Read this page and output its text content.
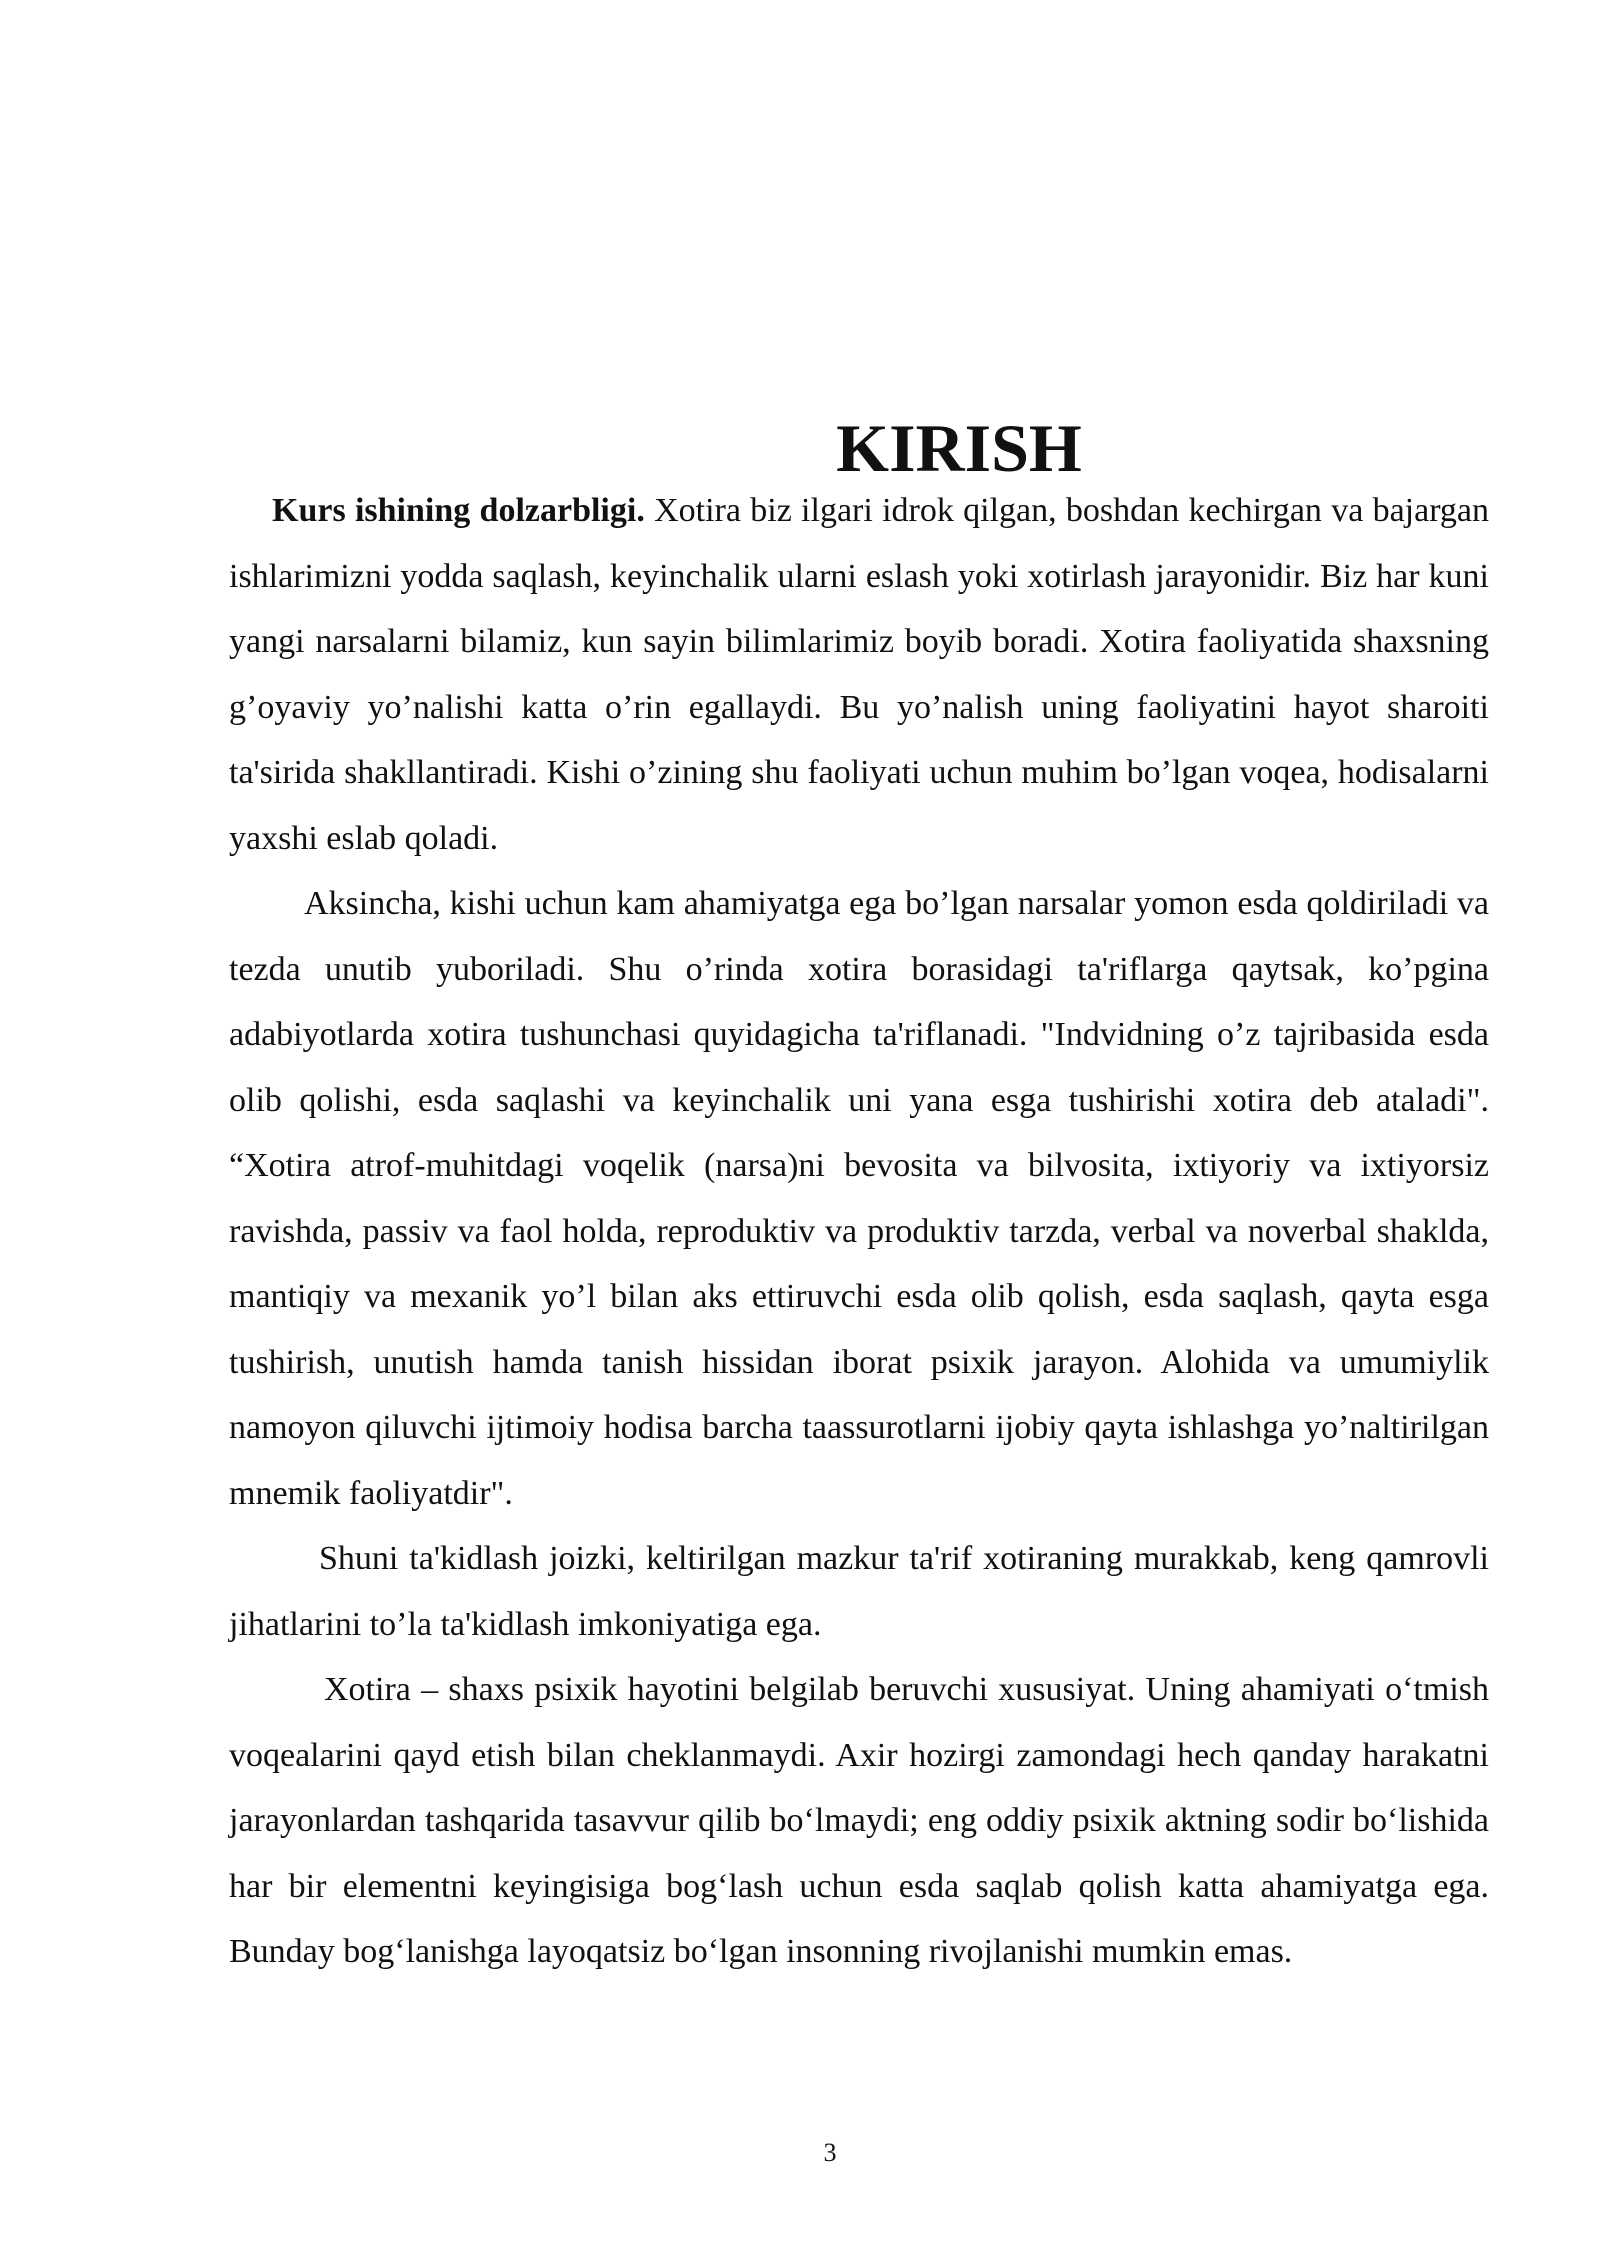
KIRISH

Kurs ishining dolzarbligi. Xotira biz ilgari idrok qilgan, boshdan kechirgan va bajargan ishlarimizni yodda saqlash, keyinchalik ularni eslash yoki xotirlash jarayonidir. Biz har kuni yangi narsalarni bilamiz, kun sayin bilimlarimiz boyib boradi. Xotira faoliyatida shaxsning g’oyaviy yo’nalishi katta o’rin egallaydi. Bu yo’nalish uning faoliyatini hayot sharoiti ta'sirida shakllantiradi. Kishi o’zining shu faoliyati uchun muhim bo’lgan voqea, hodisalarni yaxshi eslab qoladi.

Aksincha, kishi uchun kam ahamiyatga ega bo’lgan narsalar yomon esda qoldiriladi va tezda unutib yuboriladi. Shu o’rinda xotira borasidagi ta'riflarga qaytsak, ko’pgina adabiyotlarda xotira tushunchasi quyidagicha ta'riflanadi. "Indvidning o’z tajribasida esda olib qolishi, esda saqlashi va keyinchalik uni yana esga tushirishi xotira deb ataladi". “Xotira atrof-muhitdagi voqelik (narsa)ni bevosita va bilvosita, ixtiyoriy va ixtiyorsiz ravishda, passiv va faol holda, reproduktiv va produktiv tarzda, verbal va noverbal shaklda, mantiqiy va mexanik yo’l bilan aks ettiruvchi esda olib qolish, esda saqlash, qayta esga tushirish, unutish hamda tanish hissidan iborat psixik jarayon. Alohida va umumiylik namoyon qiluvchi ijtimoiy hodisa barcha taassurotlarni ijobiy qayta ishlashga yo’naltirilgan mnemik faoliyatdir".

Shuni ta'kidlash joizki, keltirilgan mazkur ta'rif xotiraning murakkab, keng qamrovli jihatlarini to’la ta'kidlash imkoniyatiga ega.

Xotira – shaxs psixik hayotini belgilab beruvchi xususiyat. Uning ahamiyati o‘tmish voqealarini qayd etish bilan cheklanmaydi. Axir hozirgi zamondagi hech qanday harakatni jarayonlardan tashqarida tasavvur qilib bo‘lmaydi; eng oddiy psixik aktning sodir bo‘lishida har bir elementni keyingisiga bog‘lash uchun esda saqlab qolish katta ahamiyatga ega. Bunday bog‘lanishga layoqatsiz bo‘lgan insonning rivojlanishi mumkin emas.

3
